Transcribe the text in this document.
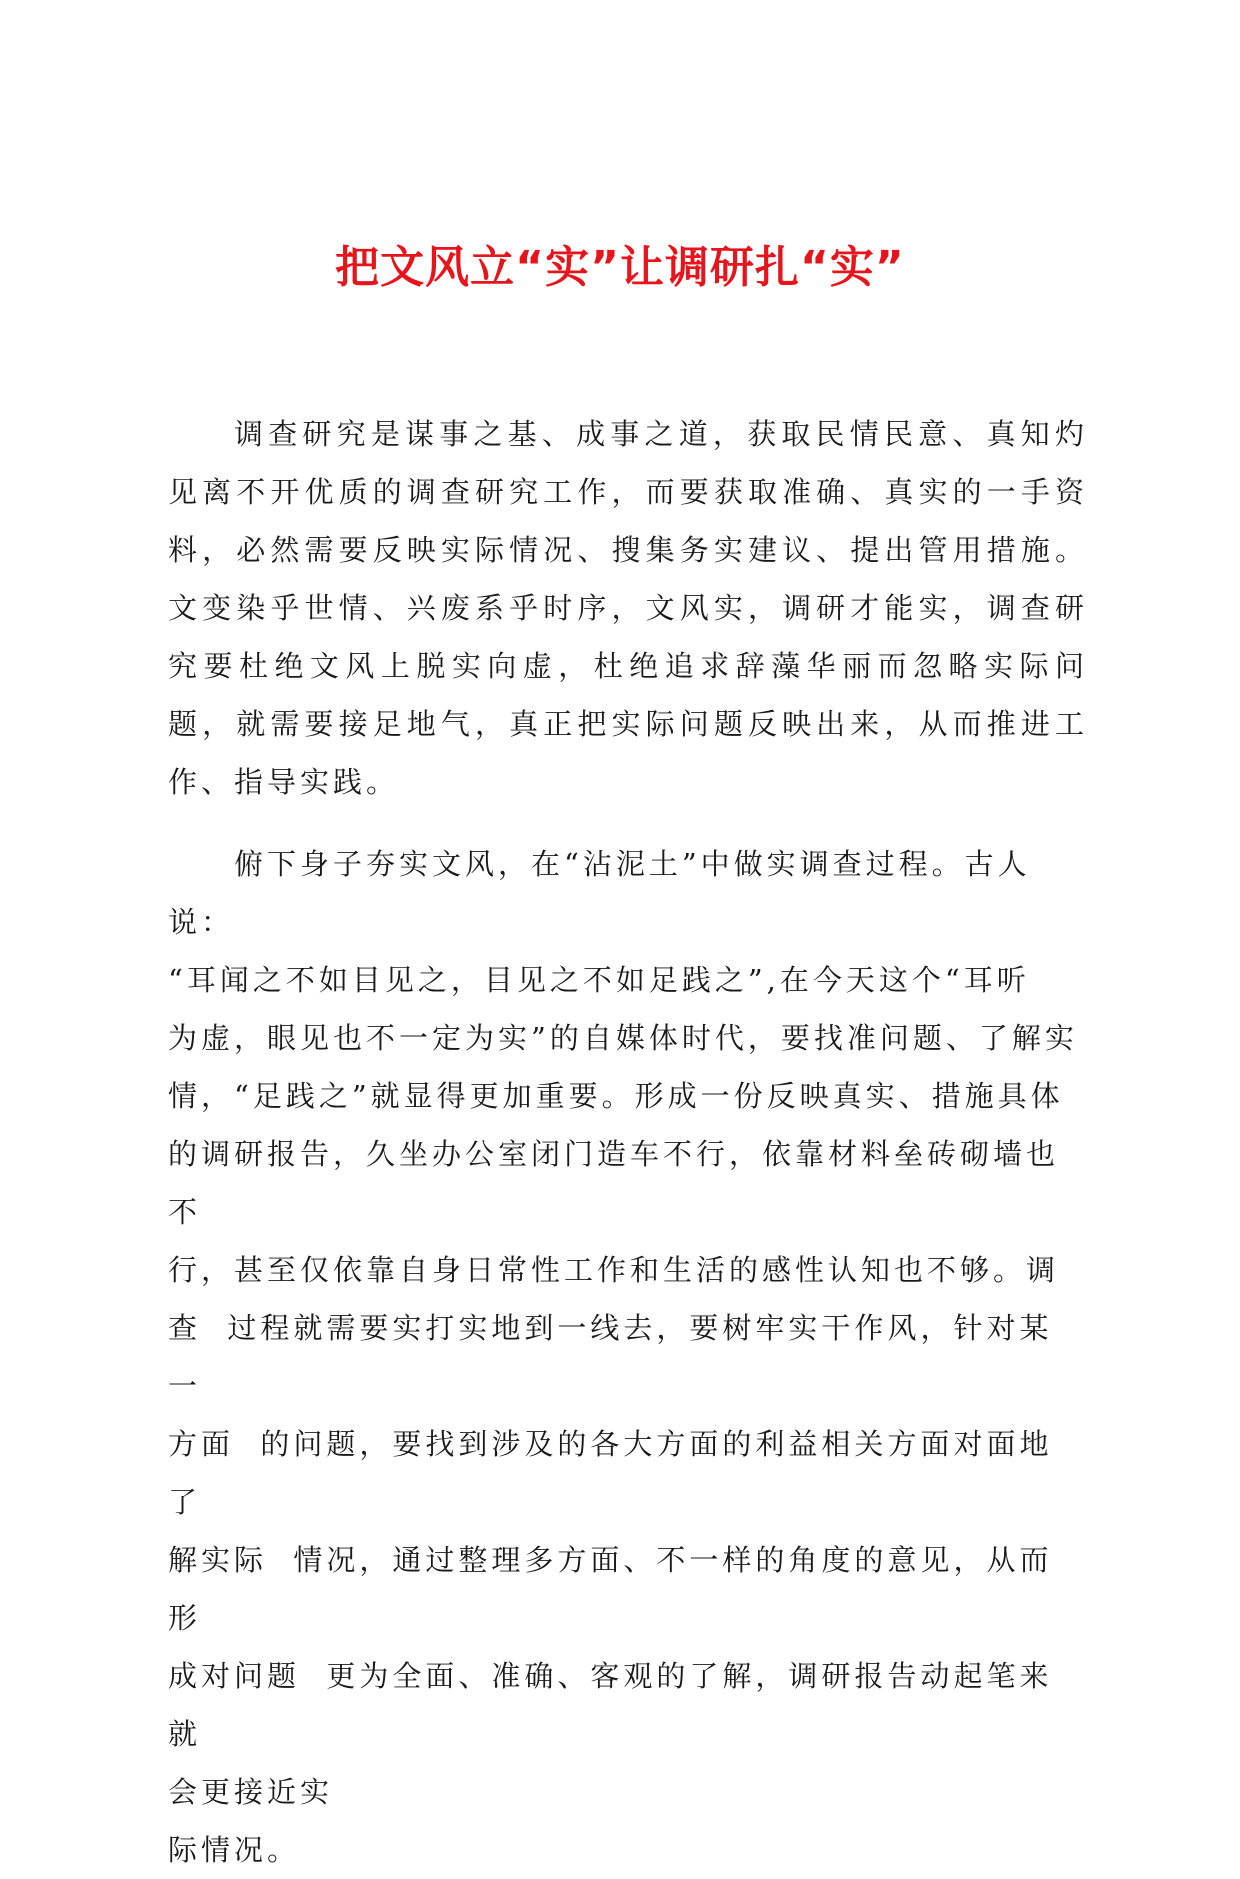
把文风立“实”让调研扎“实”

调查研究是谋事之基、成事之道，获取民情民意、真知灼见离不开优质的调查研究工作，而要获取准确、真实的一手资料，必然需要反映实际情况、搜集务实建议、提出管用措施。文变染乎世情、兴废系乎时序，文风实，调研才能实，调查研究要杜绝文风上脱实向虚，杜绝追求辞藻华丽而忽略实际问题，就需要接足地气，真正把实际问题反映出来，从而推进工作、指导实践。

俯下身子夯实文风，在“沾泥土”中做实调查过程。古人说：
“耳闻之不如目见之，目见之不如足践之”,在今天这个“耳听
为虚，眼见也不一定为实”的自媒体时代，要找准问题、了解实
情，“足践之”就显得更加重要。形成一份反映真实、措施具体
的调研报告，久坐办公室闭门造车不行，依靠材料垒砖砌墙也不
行，甚至仅依靠自身日常性工作和生活的感性认知也不够。调
查  过程就需要实打实地到一线去，要树牢实干作风，针对某一
方面  的问题，要找到涉及的各大方面的利益相关方面对面地了
解实际  情况，通过整理多方面、不一样的角度的意见，从而形
成对问题  更为全面、准确、客观的了解，调研报告动起笔来就
会更接近实

际情况。
